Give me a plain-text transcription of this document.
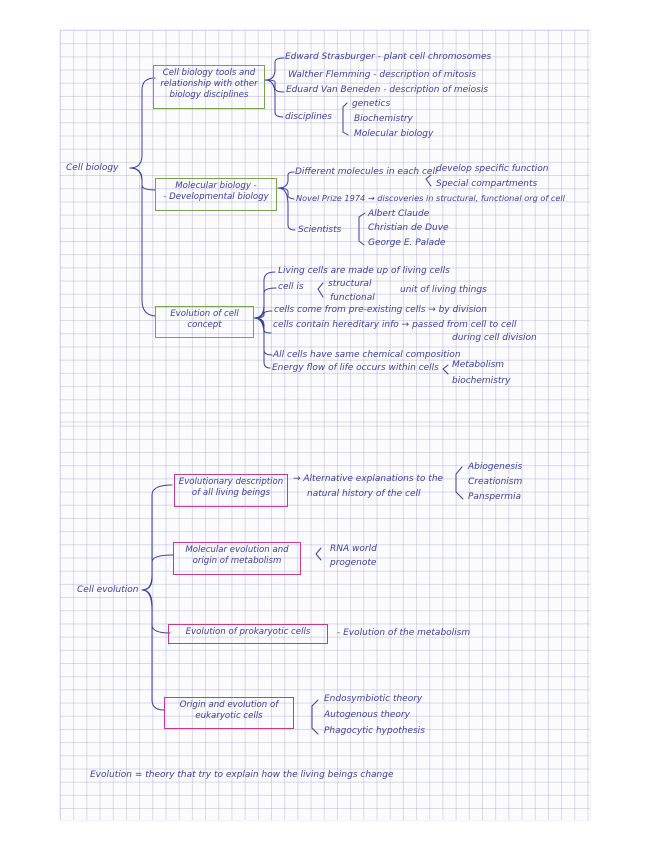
Cell biology
Cell biology tools and
relationship with other
biology disciplines
Edward Strasburger - plant cell chromosomes
Walther Flemming - description of mitosis
Eduard Van Beneden - description of meiosis
disciplines
genetics
Biochemistry
Molecular biology
Molecular biology -
- Developmental biology
Different molecules in each cell
develop specific function
Special compartments
Novel Prize 1974 → discoveries in structural, functional org of cell
Scientists
Albert Claude
Christian de Duve
George E. Palade
Evolution of cell
concept
Living cells are made up of living cells
cell is	structural
functional
unit of living things
cells come from pre-existing cells → by division
cells contain hereditary info → passed from cell to cell
during cell division
All cells have same chemical composition
Energy flow of life occurs within cells Metabolism
biochemistry
Cell evolution
Evolutionary description
of all living beings
→ Alternative explanations to the
natural history of the cell
Abiogenesis
Creationism
Panspermia
Molecular evolution and
origin of metabolism
RNA world
progenote
Evolution of prokaryotic cells	- Evolution of the metabolism
Origin and evolution of
eukaryotic cells
Endosymbiotic theory
Autogenous theory
Phagocytic hypothesis
Evolution = theory that try to explain how the living beings change
